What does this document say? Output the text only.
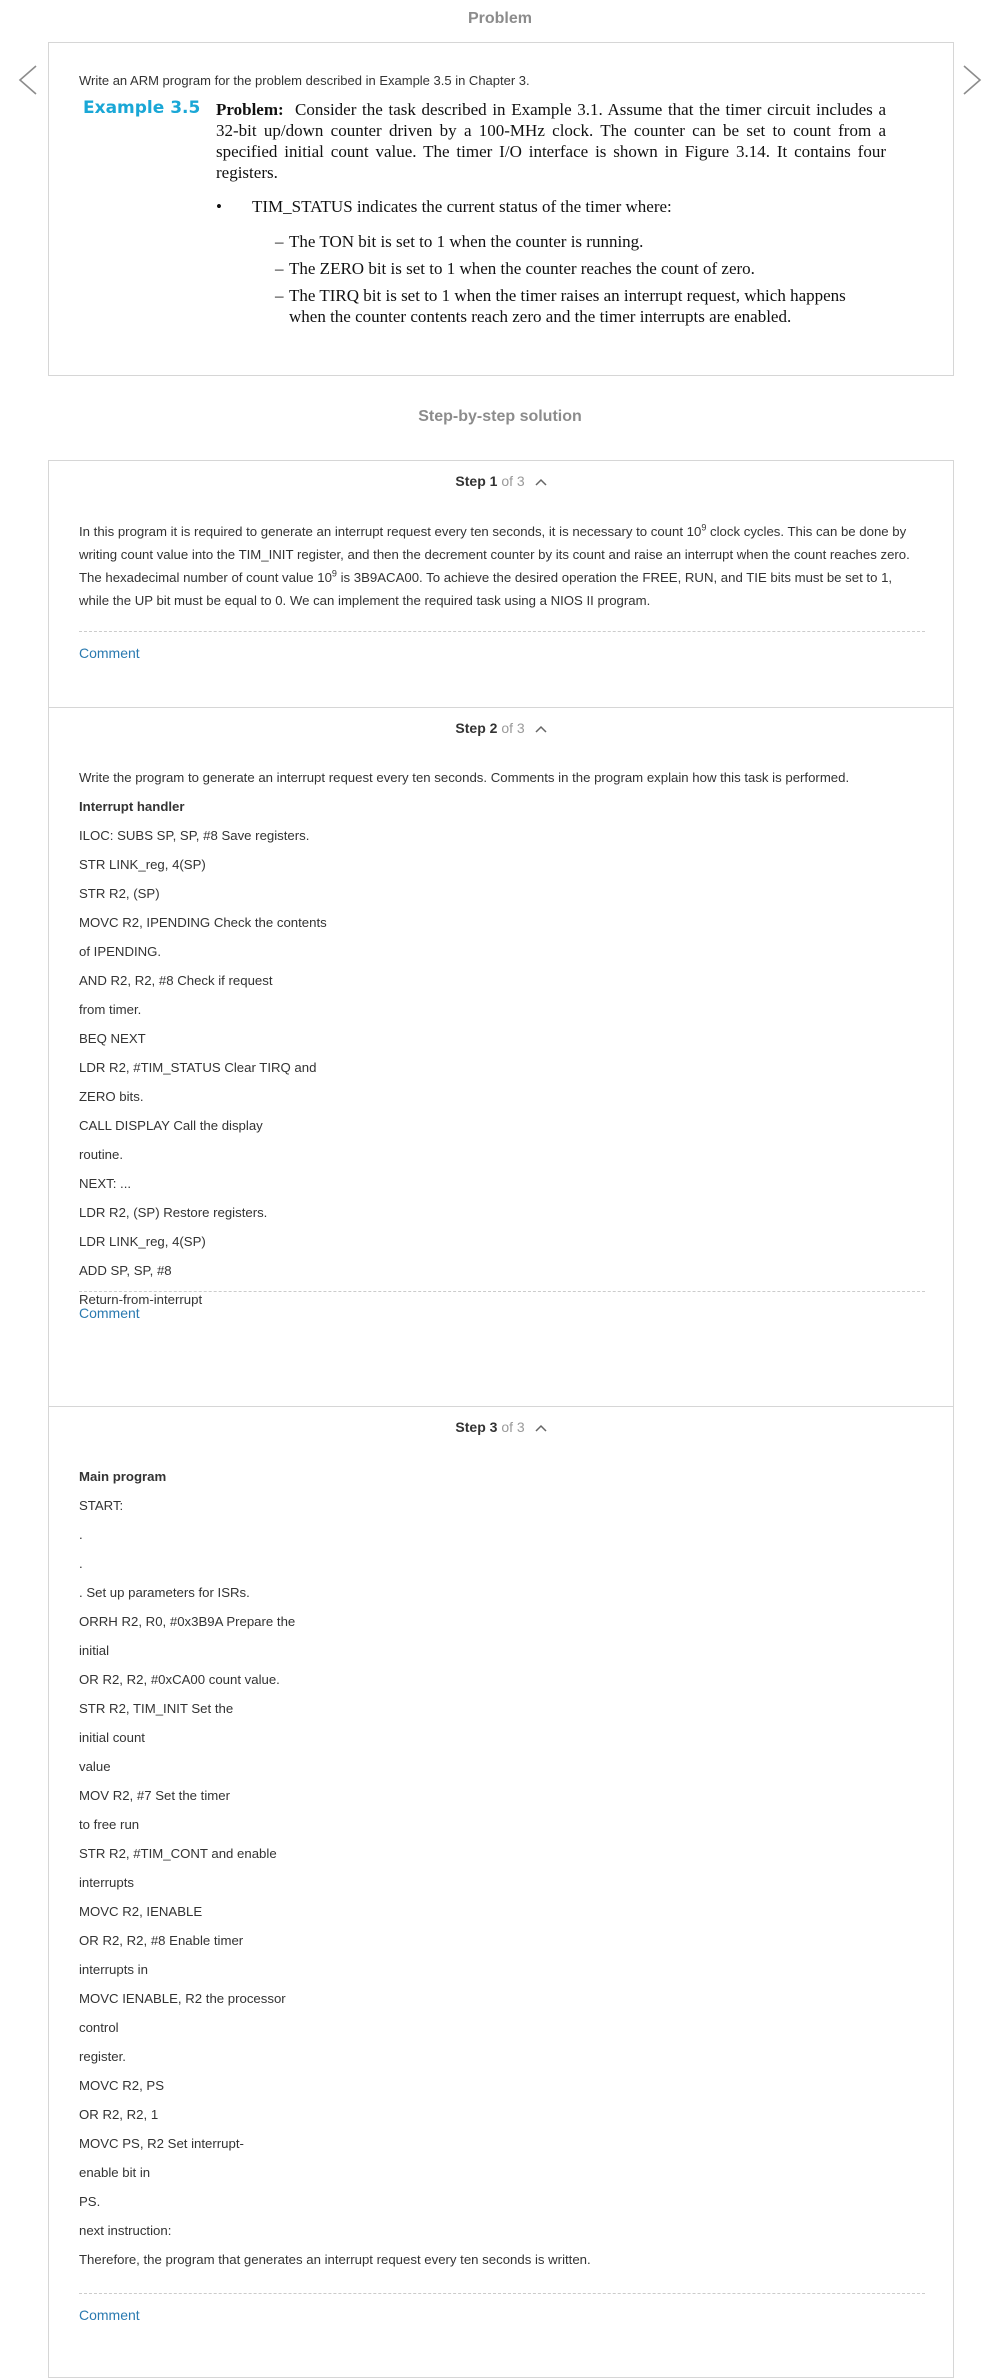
Problem
Write an ARM program for the problem described in Example 3.5 in Chapter 3.
Example 3.5 Problem: Consider the task described in Example 3.1. Assume that the timer circuit includes a 32-bit up/down counter driven by a 100-MHz clock. The counter can be set to count from a specified initial count value. The timer I/O interface is shown in Figure 3.14. It contains four registers.
• TIM_STATUS indicates the current status of the timer where:
– The TON bit is set to 1 when the counter is running.
– The ZERO bit is set to 1 when the counter reaches the count of zero.
– The TIRQ bit is set to 1 when the timer raises an interrupt request, which happens when the counter contents reach zero and the timer interrupts are enabled.
Step-by-step solution
Step 1 of 3
In this program it is required to generate an interrupt request every ten seconds, it is necessary to count $10^9$ clock cycles. This can be done by writing count value into the TIM_INIT register, and then the decrement counter by its count and raise an interrupt when the count reaches zero. The hexadecimal number of count value $10^9$ is 3B9ACA00. To achieve the desired operation the FREE, RUN, and TIE bits must be set to 1, while the UP bit must be equal to 0. We can implement the required task using a NIOS II program.
Comment
Step 2 of 3
Write the program to generate an interrupt request every ten seconds. Comments in the program explain how this task is performed.
Interrupt handler
ILOC: SUBS SP, SP, #8 Save registers.
STR LINK_reg, 4(SP)
STR R2, (SP)
MOVC R2, IPENDING Check the contents
of IPENDING.
AND R2, R2, #8 Check if request
from timer.
BEQ NEXT
LDR R2, #TIM_STATUS Clear TIRQ and
ZERO bits.
CALL DISPLAY Call the display
routine.
NEXT: ...
LDR R2, (SP) Restore registers.
LDR LINK_reg, 4(SP)
ADD SP, SP, #8
Return-from-interrupt
Comment
Step 3 of 3
Main program
START:
.
.
. Set up parameters for ISRs.
ORRH R2, R0, #0x3B9A Prepare the
initial
OR R2, R2, #0xCA00 count value.
STR R2, TIM_INIT Set the
initial count
value
MOV R2, #7 Set the timer
to free run
STR R2, #TIM_CONT and enable
interrupts
MOVC R2, IENABLE
OR R2, R2, #8 Enable timer
interrupts in
MOVC IENABLE, R2 the processor
control
register.
MOVC R2, PS
OR R2, R2, 1
MOVC PS, R2 Set interrupt-
enable bit in
PS.
next instruction:
Therefore, the program that generates an interrupt request every ten seconds is written.
Comment
